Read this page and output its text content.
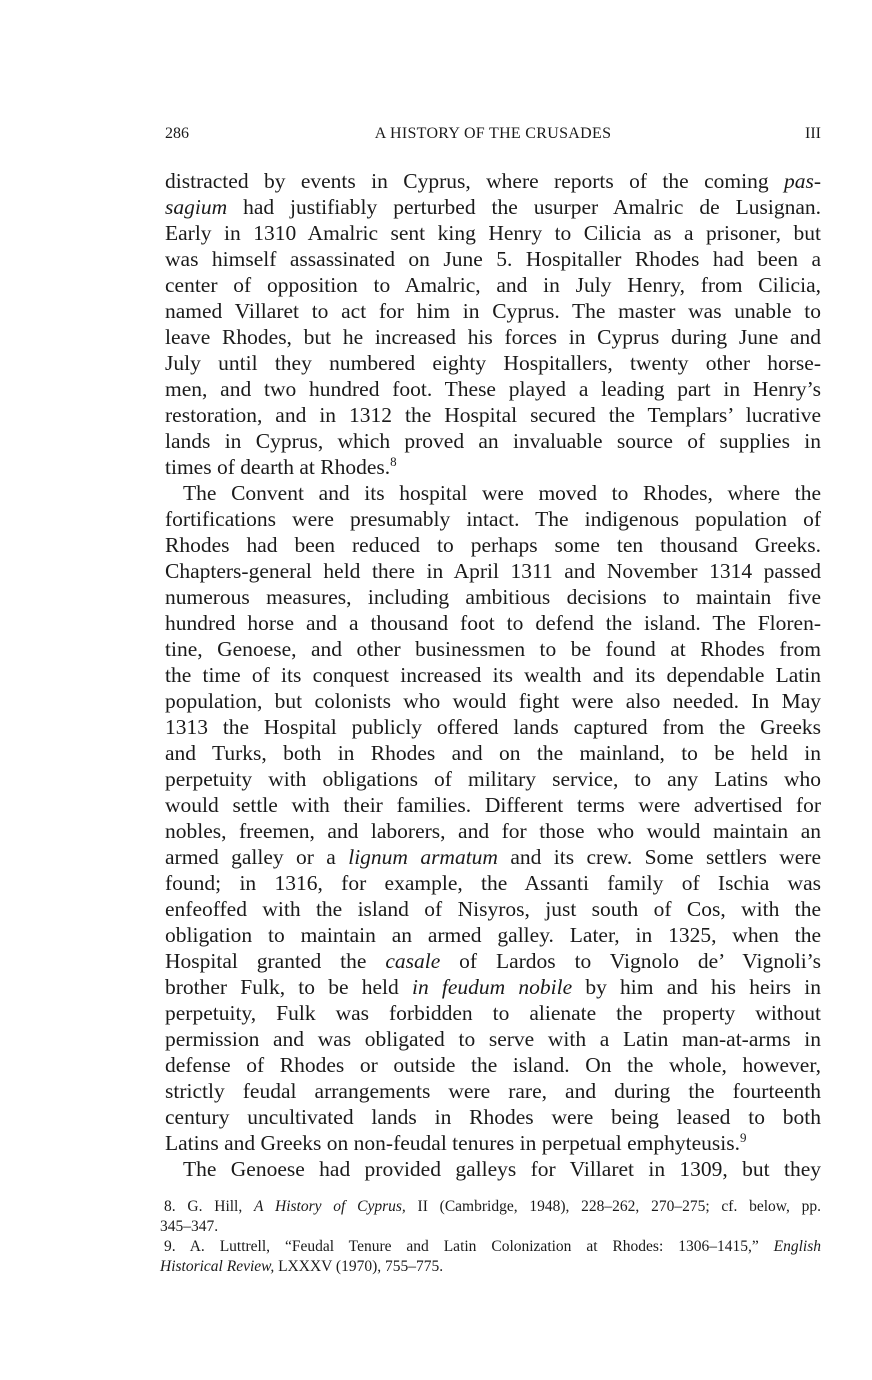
286	A HISTORY OF THE CRUSADES	III
distracted by events in Cyprus, where reports of the coming pas-
sagium had justifiably perturbed the usurper Amalric de Lusignan.
Early in 1310 Amalric sent king Henry to Cilicia as a prisoner, but
was himself assassinated on June 5. Hospitaller Rhodes had been a
center of opposition to Amalric, and in July Henry, from Cilicia,
named Villaret to act for him in Cyprus. The master was unable to
leave Rhodes, but he increased his forces in Cyprus during June and
July until they numbered eighty Hospitallers, twenty other horse-
men, and two hundred foot. These played a leading part in Henry’s
restoration, and in 1312 the Hospital secured the Templars’ lucrative
lands in Cyprus, which proved an invaluable source of supplies in
times of dearth at Rhodes.$^8$
The Convent and its hospital were moved to Rhodes, where the
fortifications were presumably intact. The indigenous population of
Rhodes had been reduced to perhaps some ten thousand Greeks.
Chapters-general held there in April 1311 and November 1314 passed
numerous measures, including ambitious decisions to maintain five
hundred horse and a thousand foot to defend the island. The Floren-
tine, Genoese, and other businessmen to be found at Rhodes from
the time of its conquest increased its wealth and its dependable Latin
population, but colonists who would fight were also needed. In May
1313 the Hospital publicly offered lands captured from the Greeks
and Turks, both in Rhodes and on the mainland, to be held in
perpetuity with obligations of military service, to any Latins who
would settle with their families. Different terms were advertised for
nobles, freemen, and laborers, and for those who would maintain an
armed galley or a lignum armatum and its crew. Some settlers were
found; in 1316, for example, the Assanti family of Ischia was
enfeoffed with the island of Nisyros, just south of Cos, with the
obligation to maintain an armed galley. Later, in 1325, when the
Hospital granted the casale of Lardos to Vignolo de’ Vignoli’s
brother Fulk, to be held in feudum nobile by him and his heirs in
perpetuity, Fulk was forbidden to alienate the property without
permission and was obligated to serve with a Latin man-at-arms in
defense of Rhodes or outside the island. On the whole, however,
strictly feudal arrangements were rare, and during the fourteenth
century uncultivated lands in Rhodes were being leased to both
Latins and Greeks on non-feudal tenures in perpetual emphyteusis.$^9$
The Genoese had provided galleys for Villaret in 1309, but they
8. G. Hill, A History of Cyprus, II (Cambridge, 1948), 228–262, 270–275; cf. below, pp.
345–347.
9. A. Luttrell, “Feudal Tenure and Latin Colonization at Rhodes: 1306–1415,” English
Historical Review, LXXXV (1970), 755–775.
